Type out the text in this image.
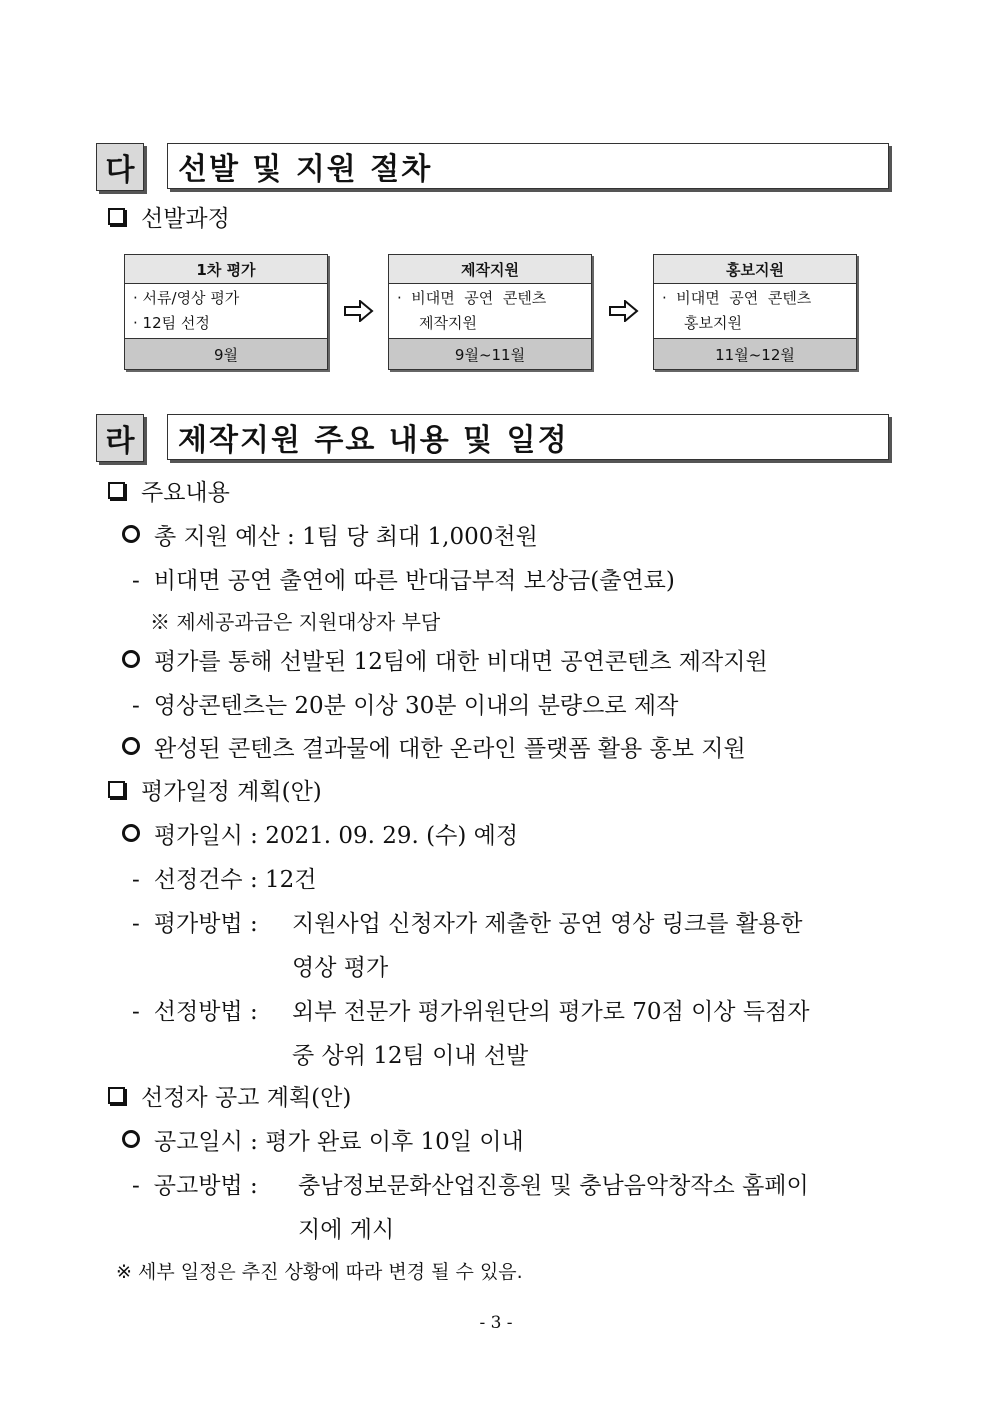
다	선발 및 지원 절차
선발과정
1차 평가
· 서류/영상 평가
· 12팀 선정
9월
제작지원
·  비대면  공연  콘텐츠
제작지원
9월~11월
홍보지원
·  비대면  공연  콘텐츠
홍보지원
11월~12월
라	제작지원 주요 내용 및 일정
주요내용
총 지원 예산 : 1팀 당 최대 1,000천원
- 비대면 공연 출연에 따른 반대급부적 보상금(출연료)
※ 제세공과금은 지원대상자 부담
평가를 통해 선발된 12팀에 대한 비대면 공연콘텐츠 제작지원
- 영상콘텐츠는 20분 이상 30분 이내의 분량으로 제작
완성된 콘텐츠 결과물에 대한 온라인 플랫폼 활용 홍보 지원
평가일정 계획(안)
평가일시 : 2021. 09. 29. (수) 예정
- 선정건수 : 12건
- 평가방법 : 지원사업 신청자가 제출한 공연 영상 링크를 활용한
영상 평가
- 선정방법 : 외부 전문가 평가위원단의 평가로 70점 이상 득점자
중 상위 12팀 이내 선발
선정자 공고 계획(안)
공고일시 : 평가 완료 이후 10일 이내
- 공고방법 : 충남정보문화산업진흥원 및 충남음악창작소 홈페이
지에 게시
※ 세부 일정은 추진 상황에 따라 변경 될 수 있음.
- 3 -
